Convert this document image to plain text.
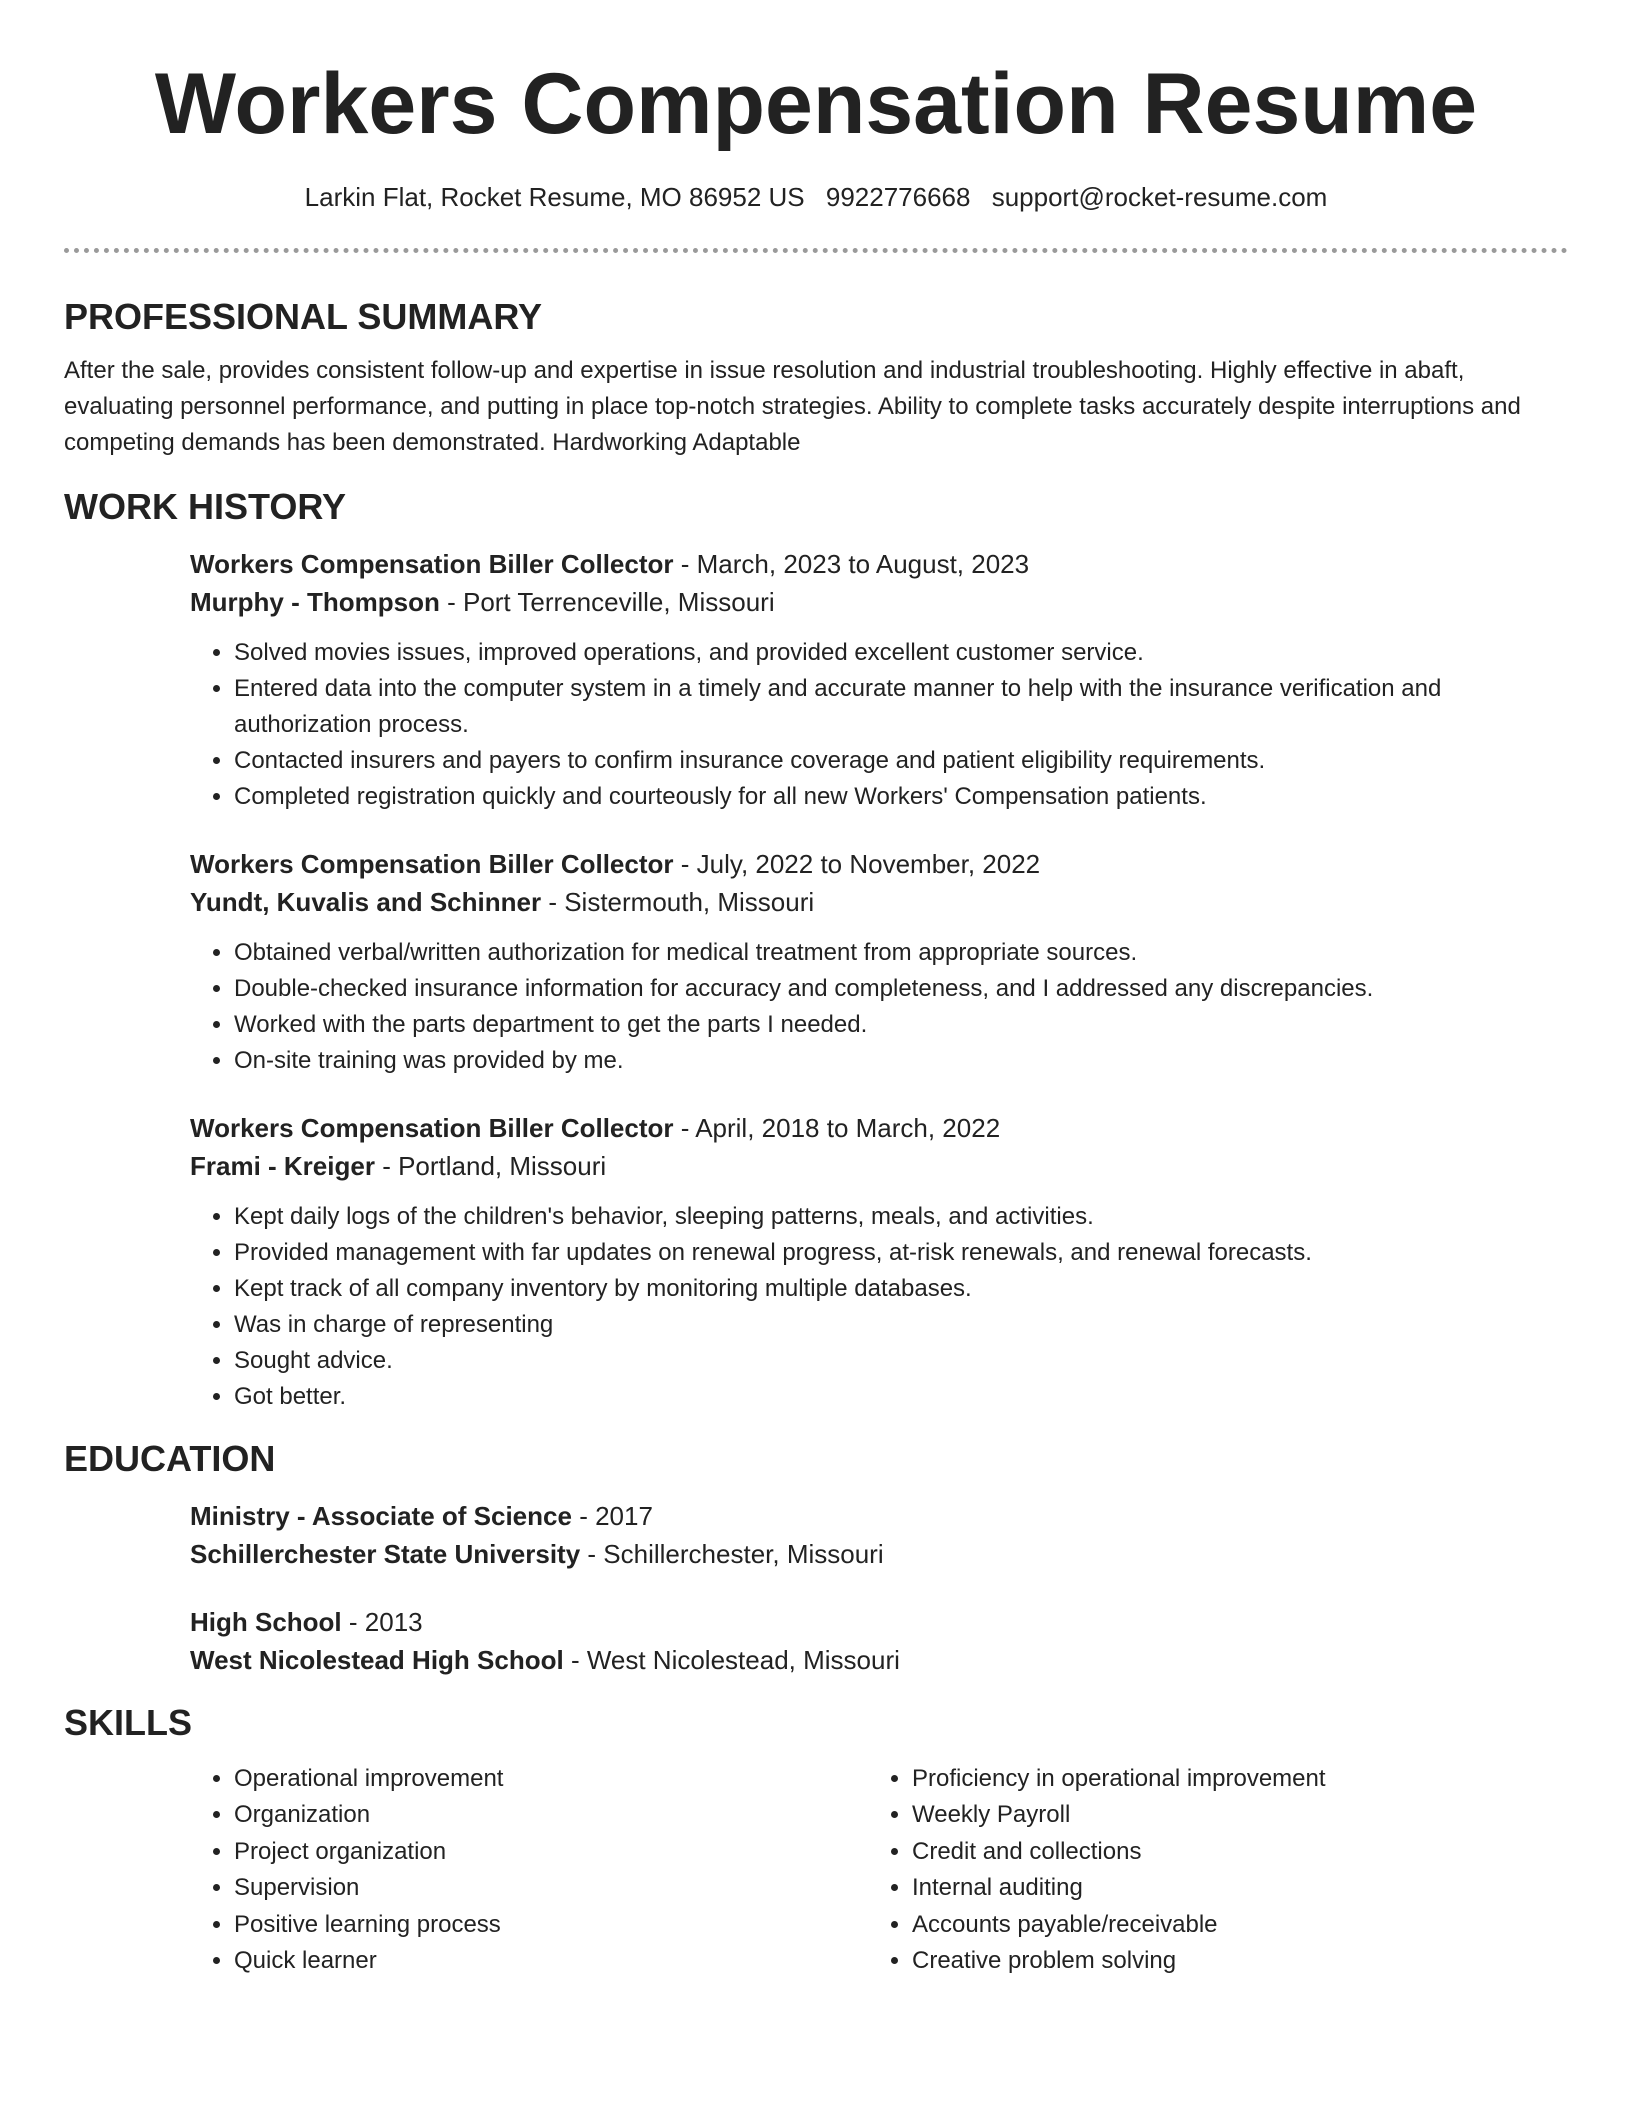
Workers Compensation Resume
Larkin Flat, Rocket Resume, MO 86952 US 9922776668 support@rocket-resume.com
PROFESSIONAL SUMMARY

After the sale, provides consistent follow-up and expertise in issue resolution and industrial troubleshooting. Highly effective in abaft, evaluating personnel performance, and putting in place top-notch strategies. Ability to complete tasks accurately despite interruptions and competing demands has been demonstrated. Hardworking Adaptable

WORK HISTORY

Workers Compensation Biller Collector - March, 2023 to August, 2023

Murphy - Thompson - Port Terrenceville, Missouri

• Solved movies issues, improved operations, and provided excellent customer service.
• Entered data into the computer system in a timely and accurate manner to help with the insurance verification and authorization process.
• Contacted insurers and payers to confirm insurance coverage and patient eligibility requirements.
• Completed registration quickly and courteously for all new Workers' Compensation patients.

Workers Compensation Biller Collector - July, 2022 to November, 2022

Yundt, Kuvalis and Schinner - Sistermouth, Missouri

• Obtained verbal/written authorization for medical treatment from appropriate sources.
• Double-checked insurance information for accuracy and completeness, and I addressed any discrepancies.
• Worked with the parts department to get the parts I needed.
• On-site training was provided by me.

Workers Compensation Biller Collector - April, 2018 to March, 2022

Frami - Kreiger - Portland, Missouri

• Kept daily logs of the children's behavior, sleeping patterns, meals, and activities.
• Provided management with far updates on renewal progress, at-risk renewals, and renewal forecasts.
• Kept track of all company inventory by monitoring multiple databases.
• Was in charge of representing
• Sought advice.
• Got better.
EDUCATION

Ministry - Associate of Science - 2017

Schillerchester State University - Schillerchester, Missouri

High School - 2013

West Nicolestead High School - West Nicolestead, Missouri

SKILLS
• Operational improvement
• Organization
• Project organization
• Supervision
• Positive learning process
• Quick learner
• Proficiency in operational improvement
• Weekly Payroll
• Credit and collections
• Internal auditing
• Accounts payable/receivable
• Creative problem solving
